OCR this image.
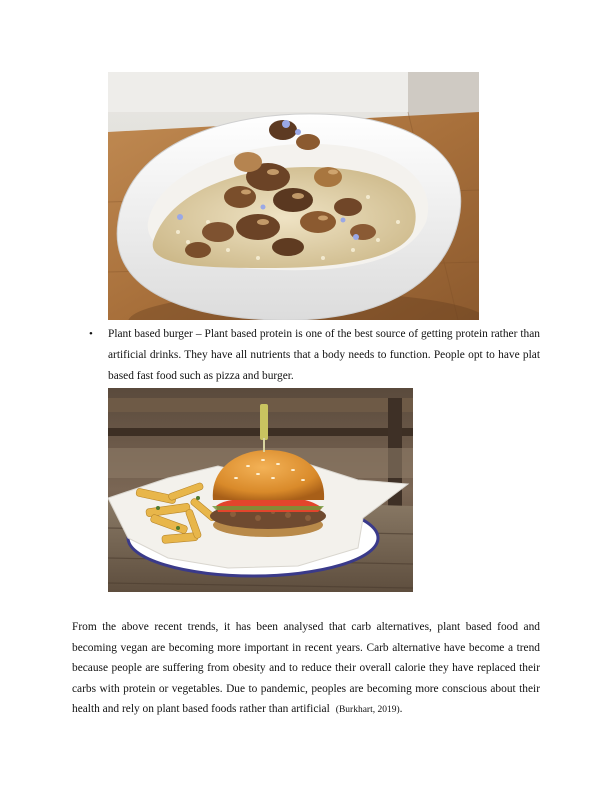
•	Plant based burger – Plant based protein is one of the best source of getting protein rather than artificial drinks. They have all nutrients that a body needs to function. People opt to have plat based fast food such as pizza and burger.

From the above recent trends, it has been analysed that carb alternatives, plant based food and becoming vegan are becoming more important in recent years. Carb alternative have become a trend because people are suffering from obesity and to reduce their overall calorie they have replaced their carbs with protein or vegetables. Due to pandemic, peoples are becoming more conscious about their health and rely on plant based foods rather than artificial (Burkhart, 2019).
